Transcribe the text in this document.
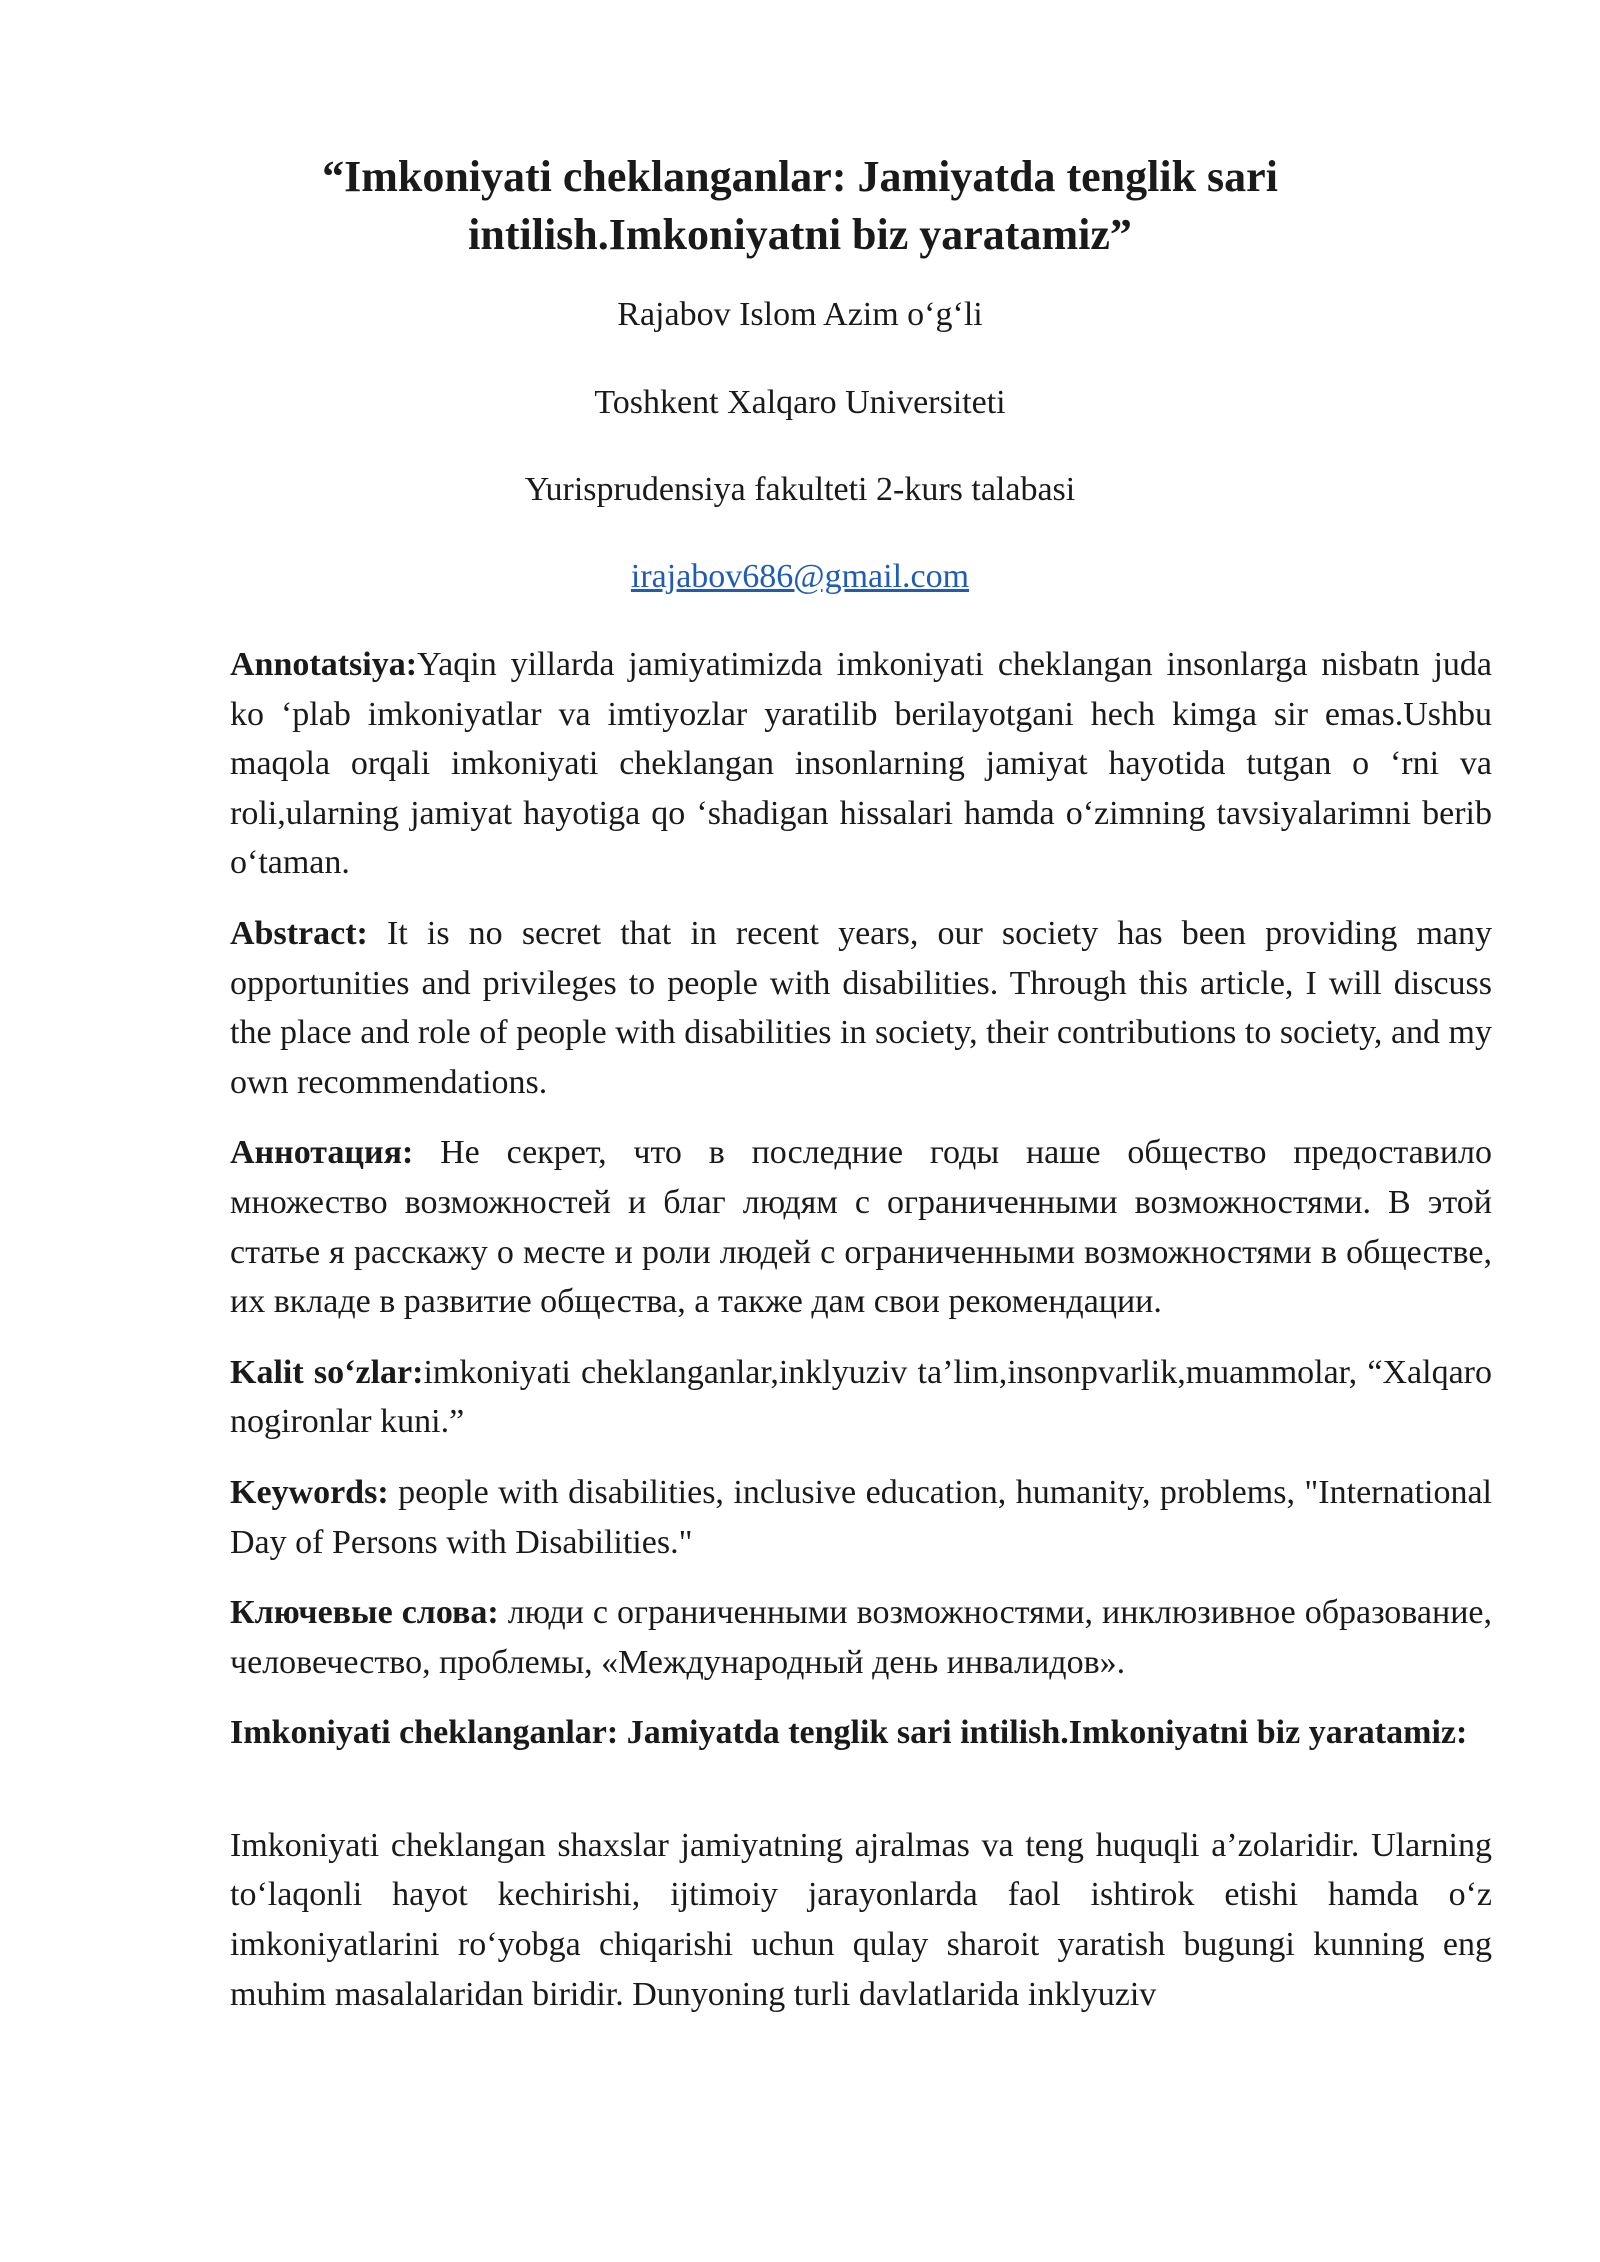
“Imkoniyati cheklanganlar: Jamiyatda tenglik sari
intilish.Imkoniyatni biz yaratamiz”

Rajabov Islom Azim o‘g‘li

Toshkent Xalqaro Universiteti

Yurisprudensiya fakulteti 2-kurs talabasi

irajabov686@gmail.com

Annotatsiya:Yaqin yillarda jamiyatimizda imkoniyati cheklangan insonlarga nisbatn juda ko ‘plab imkoniyatlar va imtiyozlar yaratilib berilayotgani hech kimga sir emas.Ushbu maqola orqali imkoniyati cheklangan insonlarning jamiyat hayotida tutgan o ‘rni va roli,ularning jamiyat hayotiga qo ‘shadigan hissalari hamda o‘zimning tavsiyalarimni berib o‘taman.

Abstract: It is no secret that in recent years, our society has been providing many opportunities and privileges to people with disabilities. Through this article, I will discuss the place and role of people with disabilities in society, their contributions to society, and my own recommendations.

Аннотация: Не секрет, что в последние годы наше общество предоставило множество возможностей и благ людям с ограниченными возможностями. В этой статье я расскажу о месте и роли людей с ограниченными возможностями в обществе, их вкладе в развитие общества, а также дам свои рекомендации.

Kalit so‘zlar:imkoniyati cheklanganlar,inklyuziv ta’lim,insonpvarlik,muammolar, “Xalqaro nogironlar kuni.”

Keywords: people with disabilities, inclusive education, humanity, problems, "International Day of Persons with Disabilities."

Ключевые слова: люди с ограниченными возможностями, инклюзивное образование, человечество, проблемы, «Международный день инвалидов».

Imkoniyati cheklanganlar: Jamiyatda tenglik sari intilish.Imkoniyatni biz yaratamiz:

Imkoniyati cheklangan shaxslar jamiyatning ajralmas va teng huquqli a’zolaridir. Ularning to‘laqonli hayot kechirishi, ijtimoiy jarayonlarda faol ishtirok etishi hamda o‘z imkoniyatlarini ro‘yobga chiqarishi uchun qulay sharoit yaratish bugungi kunning eng muhim masalalaridan biridir. Dunyoning turli davlatlarida inklyuziv
